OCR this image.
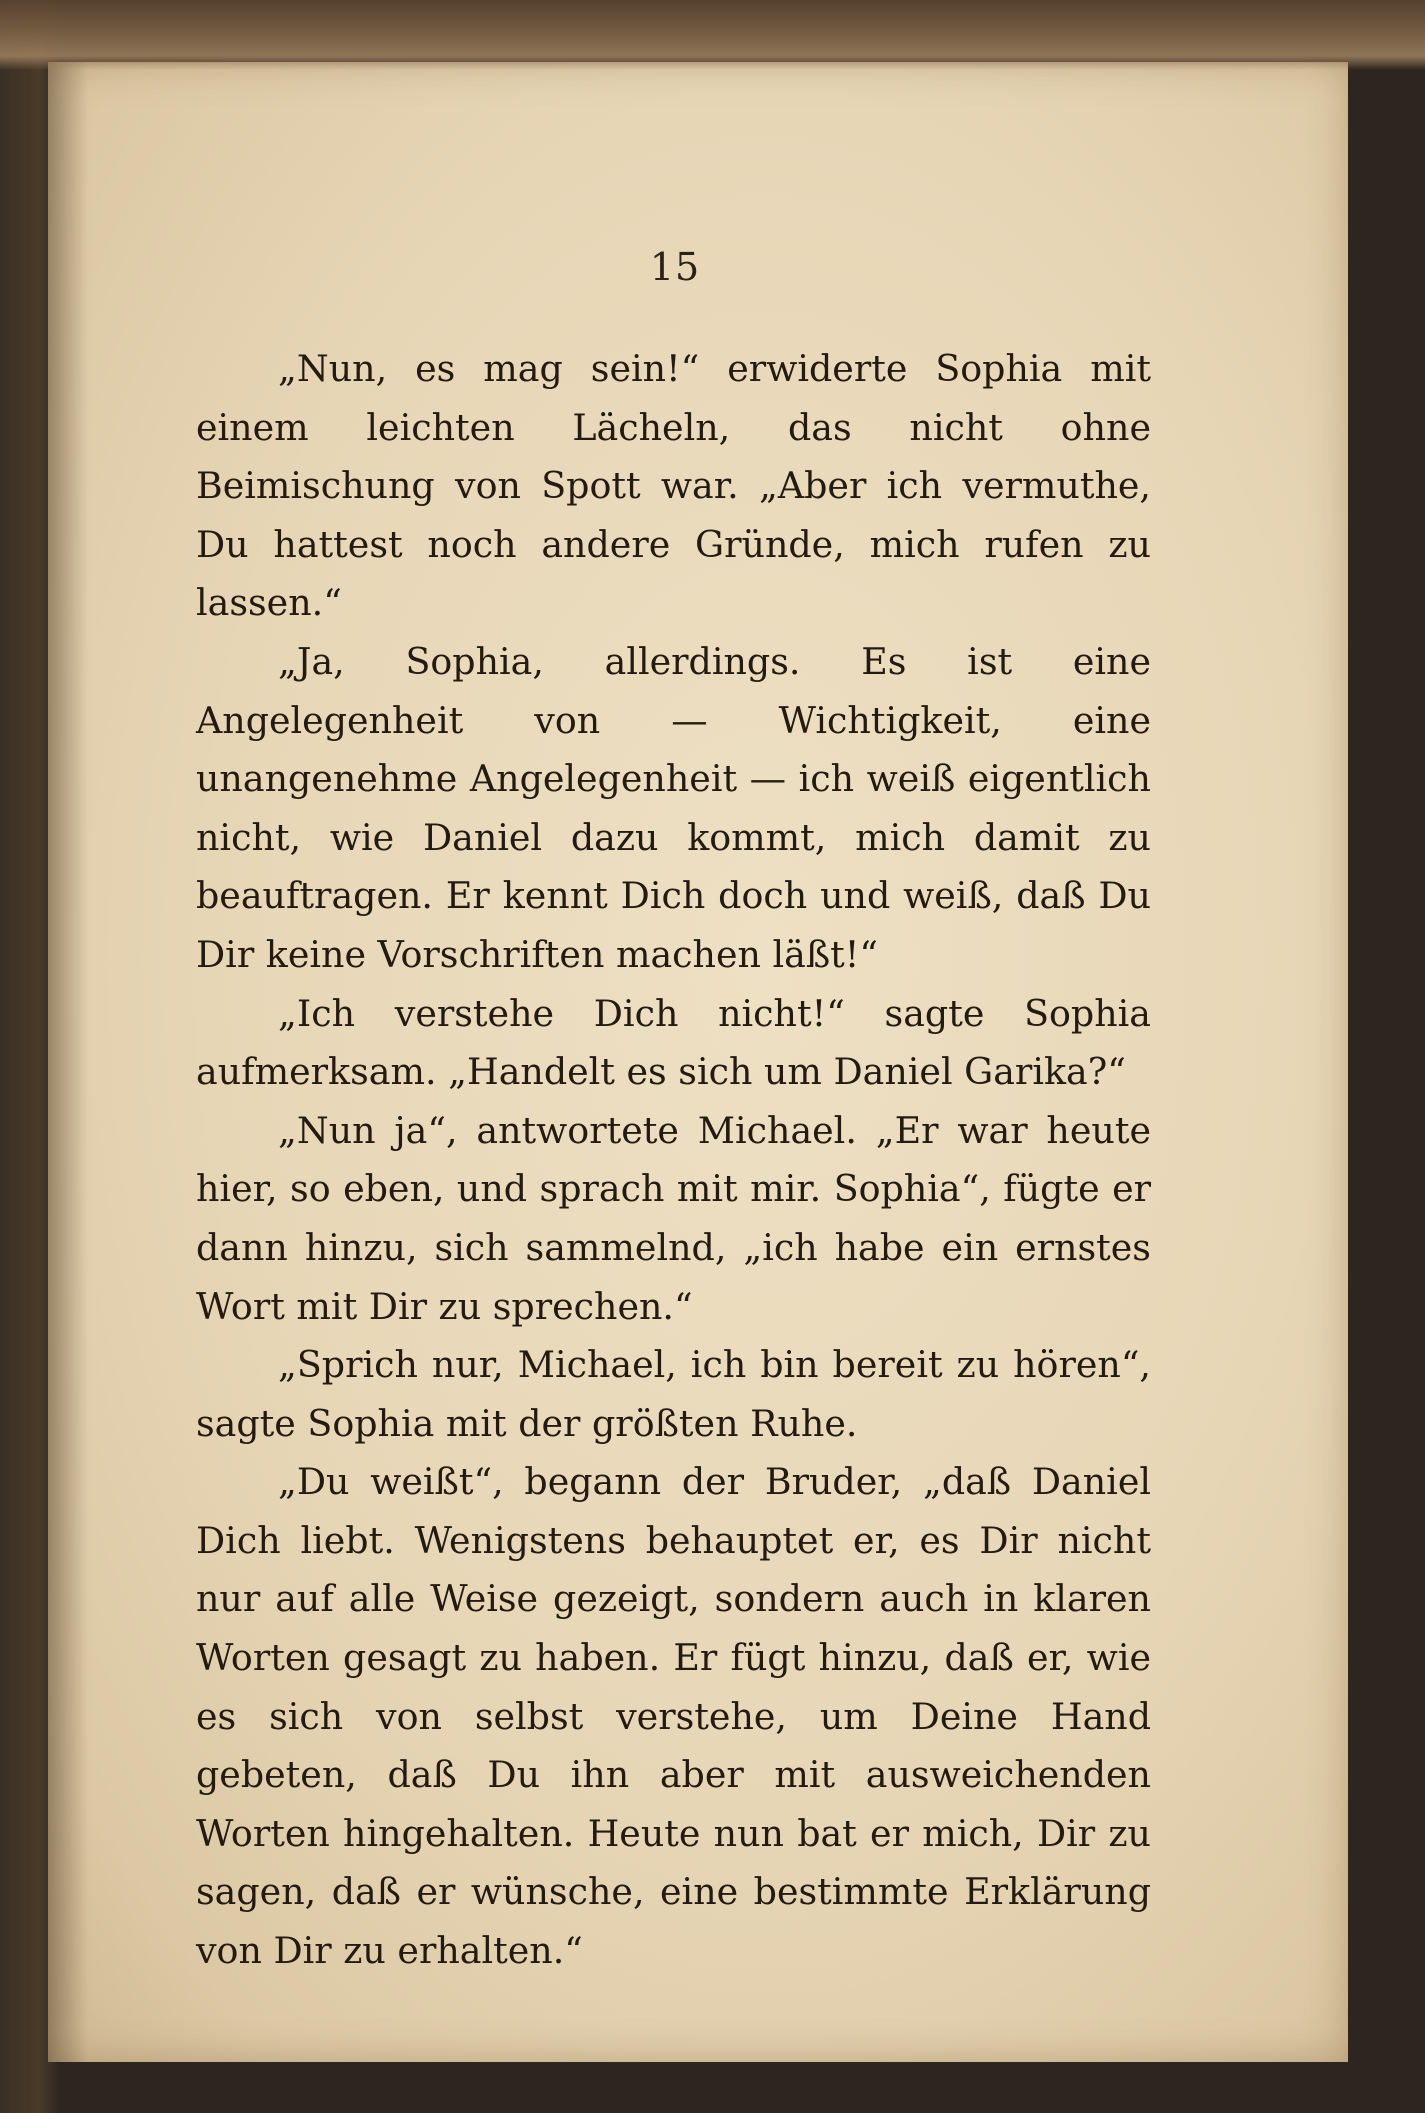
15

„Nun, es mag sein!“ erwiderte Sophia mit einem leichten Lächeln, das nicht ohne Beimischung von Spott war. „Aber ich vermuthe, Du hattest noch andere Gründe, mich rufen zu lassen.“

„Ja, Sophia, allerdings. Es ist eine Angelegenheit von — Wichtigkeit, eine unangenehme Angelegenheit — ich weiß eigentlich nicht, wie Daniel dazu kommt, mich damit zu beauftragen. Er kennt Dich doch und weiß, daß Du Dir keine Vorschriften machen läßt!“

„Ich verstehe Dich nicht!“ sagte Sophia aufmerksam. „Handelt es sich um Daniel Garika?“

„Nun ja“, antwortete Michael. „Er war heute hier, so eben, und sprach mit mir. Sophia“, fügte er dann hinzu, sich sammelnd, „ich habe ein ernstes Wort mit Dir zu sprechen.“

„Sprich nur, Michael, ich bin bereit zu hören“, sagte Sophia mit der größten Ruhe.

„Du weißt“, begann der Bruder, „daß Daniel Dich liebt. Wenigstens behauptet er, es Dir nicht nur auf alle Weise gezeigt, sondern auch in klaren Worten gesagt zu haben. Er fügt hinzu, daß er, wie es sich von selbst verstehe, um Deine Hand gebeten, daß Du ihn aber mit ausweichenden Worten hingehalten. Heute nun bat er mich, Dir zu sagen, daß er wünsche, eine bestimmte Erklärung von Dir zu erhalten.“
